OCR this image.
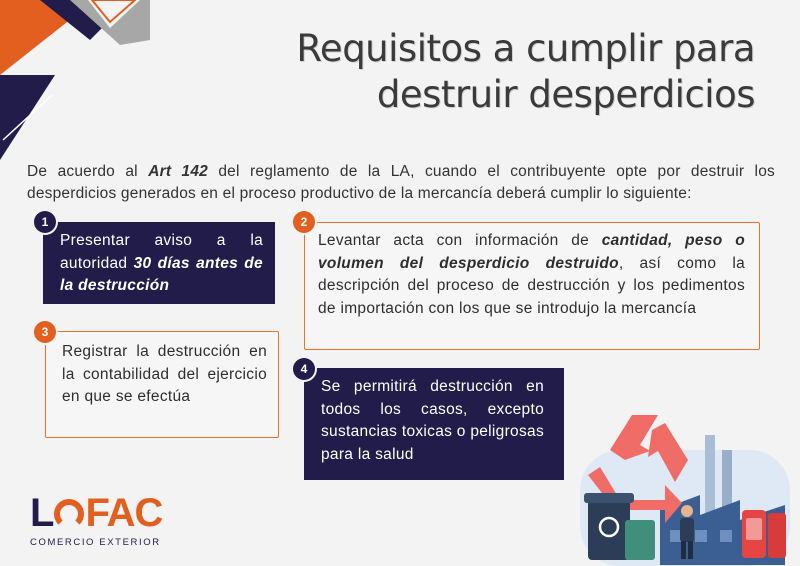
Requisitos a cumplir para
destruir desperdicios
De acuerdo al Art 142 del reglamento de la LA, cuando el contribuyente opte por destruir los desperdicios generados en el proceso productivo de la mercancía deberá cumplir lo siguiente:
Presentar aviso a la autoridad 30 días antes de la destrucción
1
Levantar acta con información de cantidad, peso o volumen del desperdicio destruido, así como la descripción del proceso de destrucción y los pedimentos de importación con los que se introdujo la mercancía
2
Registrar la destrucción en la contabilidad del ejercicio en que se efectúa
3
Se permitirá destrucción en todos los casos, excepto sustancias toxicas o peligrosas para la salud
4
L FAC
COMERCIO EXTERIOR
